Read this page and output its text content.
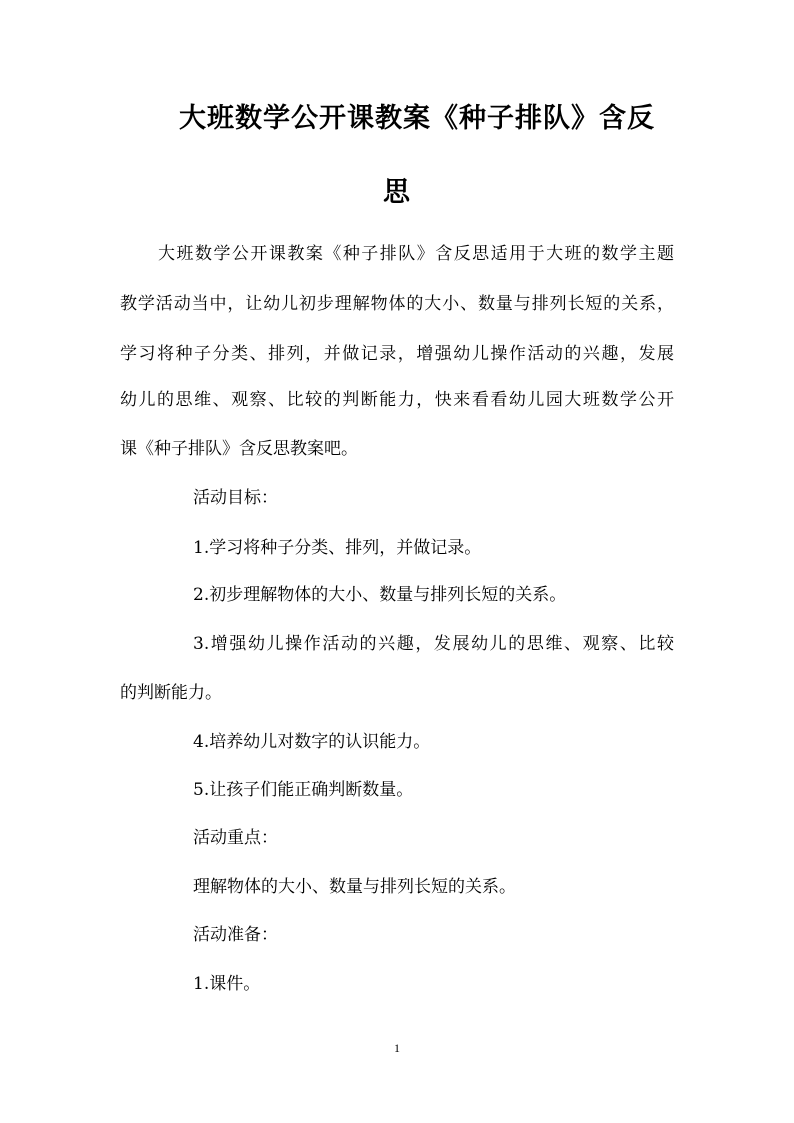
大班数学公开课教案《种子排队》含反
思
大班数学公开课教案《种子排队》含反思适用于大班的数学主题
教学活动当中，让幼儿初步理解物体的大小、数量与排列长短的关系，
学习将种子分类、排列，并做记录，增强幼儿操作活动的兴趣，发展
幼儿的思维、观察、比较的判断能力，快来看看幼儿园大班数学公开
课《种子排队》含反思教案吧。
活动目标：
1.学习将种子分类、排列，并做记录。
2.初步理解物体的大小、数量与排列长短的关系。
3.增强幼儿操作活动的兴趣，发展幼儿的思维、观察、比较
的判断能力。
4.培养幼儿对数字的认识能力。
5.让孩子们能正确判断数量。
活动重点：
理解物体的大小、数量与排列长短的关系。
活动准备：
1.课件。
1
